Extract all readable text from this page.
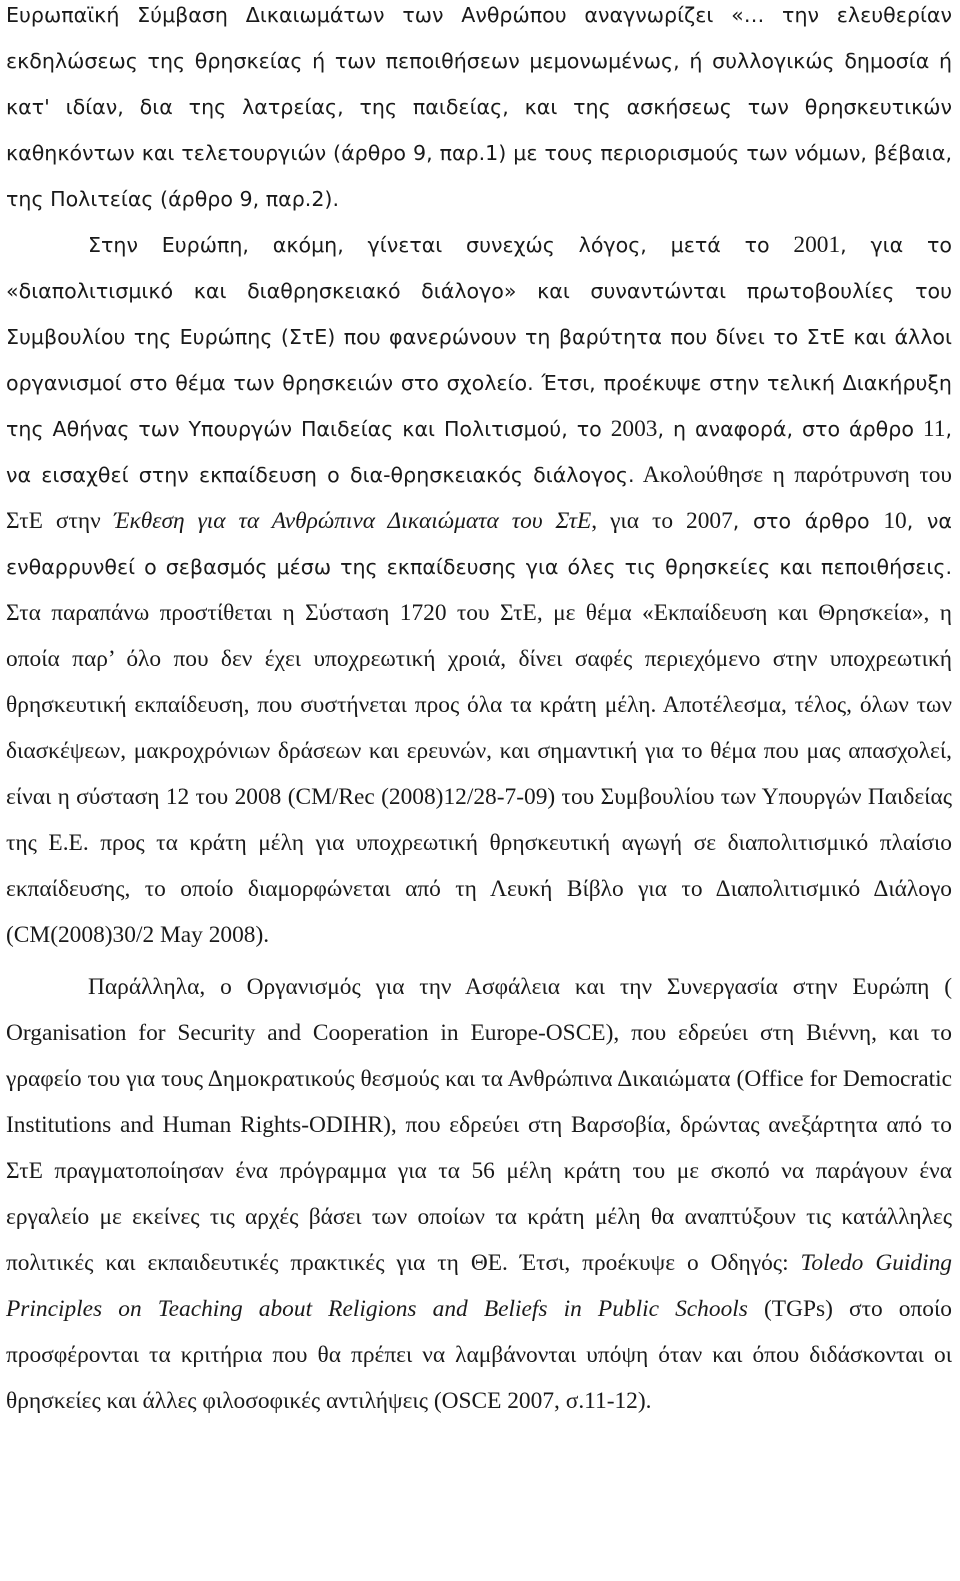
Ευρωπαϊκή Σύμβαση Δικαιωμάτων των Ανθρώπου αναγνωρίζει «… την ελευθερίαν εκδηλώσεως της θρησκείας ή των πεποιθήσεων μεμονωμένως, ή συλλογικώς δημοσία ή κατ' ιδίαν, δια της λατρείας, της παιδείας, και της ασκήσεως των θρησκευτικών καθηκόντων και τελετουργιών (άρθρο 9, παρ.1) με τους περιορισμούς των νόμων, βέβαια, της Πολιτείας (άρθρο 9, παρ.2).

Στην Ευρώπη, ακόμη, γίνεται συνεχώς λόγος, μετά το 2001, για το «διαπολιτισμικό και διαθρησκειακό διάλογο» και συναντώνται πρωτοβουλίες του Συμβουλίου της Ευρώπης (ΣτΕ) που φανερώνουν τη βαρύτητα που δίνει το ΣτΕ και άλλοι οργανισμοί στο θέμα των θρησκειών στο σχολείο. Έτσι, προέκυψε στην τελική Διακήρυξη της Αθήνας των Υπουργών Παιδείας και Πολιτισμού, το 2003, η αναφορά, στο άρθρο 11, να εισαχθεί στην εκπαίδευση ο δια-θρησκειακός διάλογος. Ακολούθησε η παρότρυνση του ΣτΕ στην Έκθεση για τα Ανθρώπινα Δικαιώματα του ΣτΕ, για το 2007, στο άρθρο 10, να ενθαρρυνθεί ο σεβασμός μέσω της εκπαίδευσης για όλες τις θρησκείες και πεποιθήσεις. Στα παραπάνω προστίθεται η Σύσταση 1720 του ΣτΕ, με θέμα «Εκπαίδευση και Θρησκεία», η οποία παρ’ όλο που δεν έχει υποχρεωτική χροιά, δίνει σαφές περιεχόμενο στην υποχρεωτική θρησκευτική εκπαίδευση, που συστήνεται προς όλα τα κράτη μέλη. Αποτέλεσμα, τέλος, όλων των διασκέψεων, μακροχρόνιων δράσεων και ερευνών, και σημαντική για το θέμα που μας απασχολεί, είναι η σύσταση 12 του 2008 (CM/Rec (2008)12/28-7-09) του Συμβουλίου των Υπουργών Παιδείας της Ε.Ε. προς τα κράτη μέλη για υποχρεωτική θρησκευτική αγωγή σε διαπολιτισμικό πλαίσιο εκπαίδευσης, το οποίο διαμορφώνεται από τη Λευκή Βίβλο για το Διαπολιτισμικό Διάλογο (CM(2008)30/2 May 2008).

Παράλληλα, ο Οργανισμός για την Ασφάλεια και την Συνεργασία στην Ευρώπη ( Organisation for Security and Cooperation in Europe-OSCE), που εδρεύει στη Βιέννη, και το γραφείο του για τους Δημοκρατικούς θεσμούς και τα Ανθρώπινα Δικαιώματα (Office for Democratic Institutions and Human Rights-ODIHR), που εδρεύει στη Βαρσοβία, δρώντας ανεξάρτητα από το ΣτΕ πραγματοποίησαν ένα πρόγραμμα για τα 56 μέλη κράτη του με σκοπό να παράγουν ένα εργαλείο με εκείνες τις αρχές βάσει των οποίων τα κράτη μέλη θα αναπτύξουν τις κατάλληλες πολιτικές και εκπαιδευτικές πρακτικές για τη ΘΕ. Έτσι, προέκυψε ο Οδηγός: Toledo Guiding Principles on Teaching about Religions and Beliefs in Public Schools (TGPs) στο οποίο προσφέρονται τα κριτήρια που θα πρέπει να λαμβάνονται υπόψη όταν και όπου διδάσκονται οι θρησκείες και άλλες φιλοσοφικές αντιλήψεις (OSCE 2007, σ.11-12).
